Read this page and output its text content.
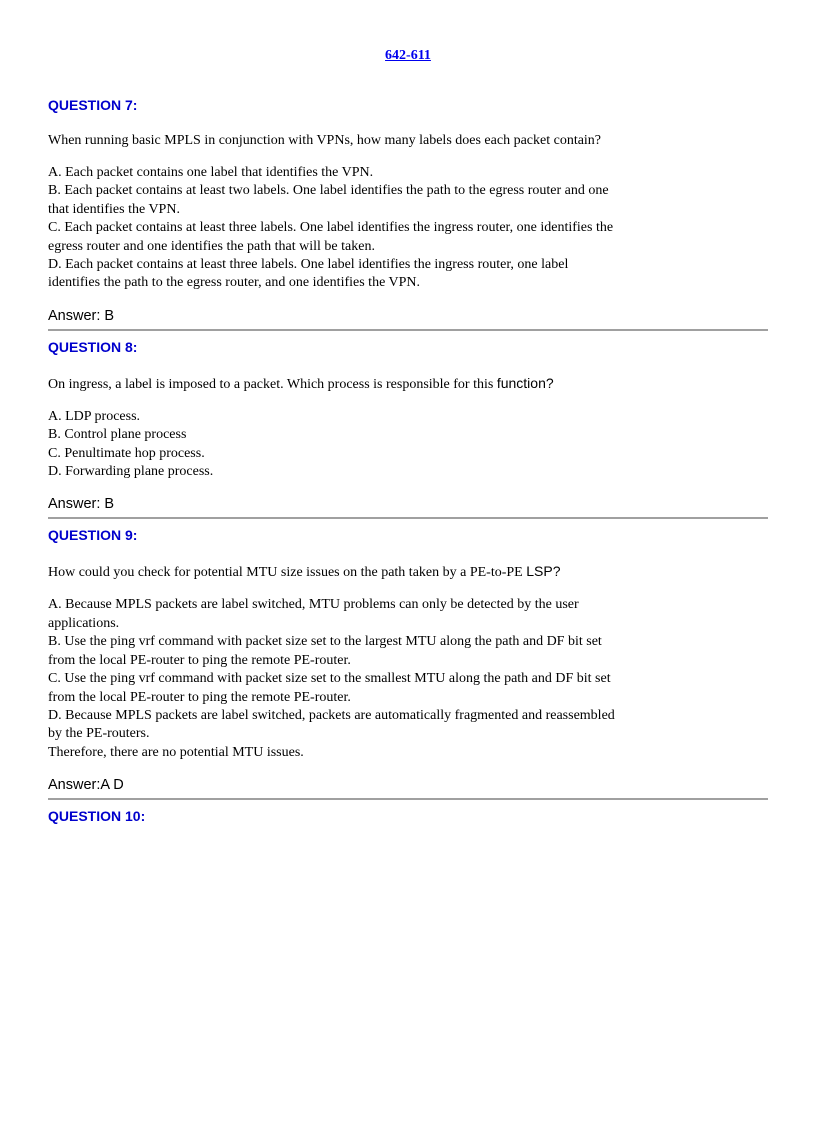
642-611

QUESTION 7:

When running basic MPLS in conjunction with VPNs, how many labels does each packet contain?

A. Each packet contains one label that identifies the VPN.
B. Each packet contains at least two labels. One label identifies the path to the egress router and one that identifies the VPN.
C. Each packet contains at least three labels. One label identifies the ingress router, one identifies the egress router and one identifies the path that will be taken.
D. Each packet contains at least three labels. One label identifies the ingress router, one label identifies the path to the egress router, and one identifies the VPN.

Answer: B

QUESTION 8:

On ingress, a label is imposed to a packet. Which process is responsible for this function?

A. LDP process.
B. Control plane process
C. Penultimate hop process.
D. Forwarding plane process.

Answer: B

QUESTION 9:

How could you check for potential MTU size issues on the path taken by a PE-to-PE LSP?

A. Because MPLS packets are label switched, MTU problems can only be detected by the user applications.
B. Use the ping vrf command with packet size set to the largest MTU along the path and DF bit set from the local PE-router to ping the remote PE-router.
C. Use the ping vrf command with packet size set to the smallest MTU along the path and DF bit set from the local PE-router to ping the remote PE-router.
D. Because MPLS packets are label switched, packets are automatically fragmented and reassembled by the PE-routers.
Therefore, there are no potential MTU issues.

Answer:A D

QUESTION 10:
